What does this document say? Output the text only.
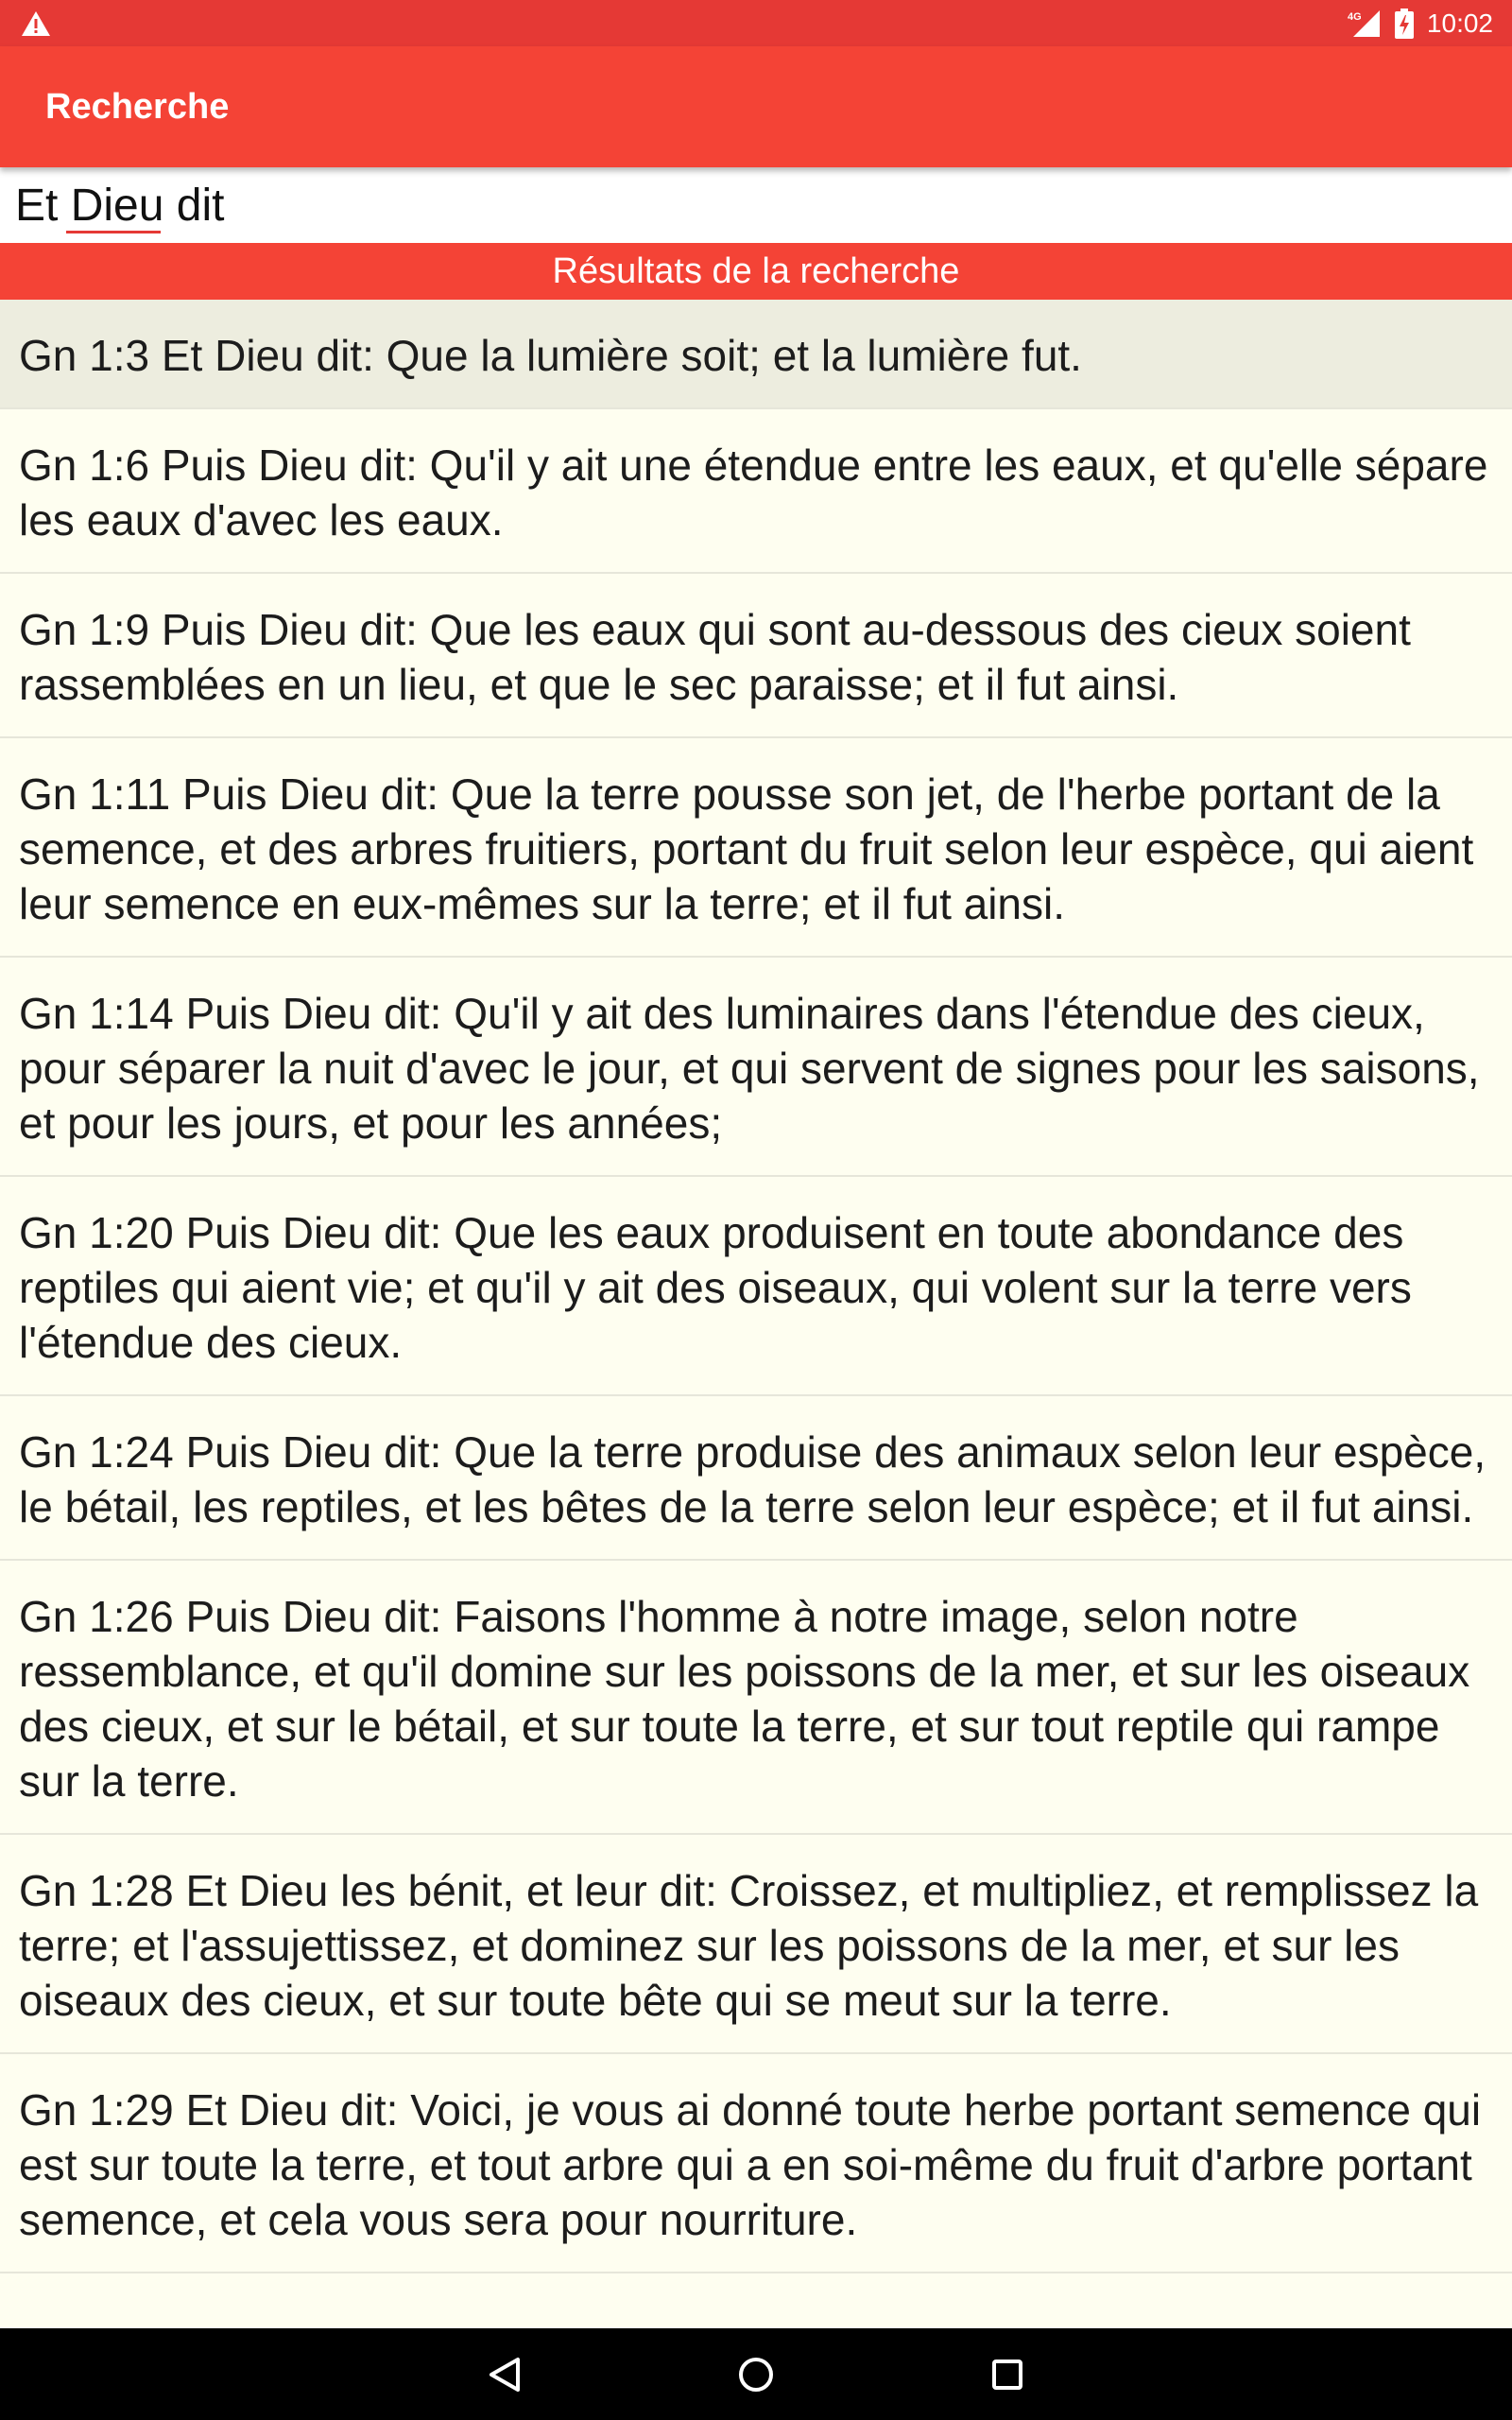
4G 10:02
Recherche
Et Dieu dit
Résultats de la recherche
Gn 1:3 Et Dieu dit: Que la lumière soit; et la lumière fut.
Gn 1:6 Puis Dieu dit: Qu'il y ait une étendue entre les eaux, et qu'elle sépare les eaux d'avec les eaux.
Gn 1:9 Puis Dieu dit: Que les eaux qui sont au-dessous des cieux soient rassemblées en un lieu, et que le sec paraisse; et il fut ainsi.
Gn 1:11 Puis Dieu dit: Que la terre pousse son jet, de l'herbe portant de la semence, et des arbres fruitiers, portant du fruit selon leur espèce, qui aient leur semence en eux-mêmes sur la terre; et il fut ainsi.
Gn 1:14 Puis Dieu dit: Qu'il y ait des luminaires dans l'étendue des cieux, pour séparer la nuit d'avec le jour, et qui servent de signes pour les saisons, et pour les jours, et pour les années;
Gn 1:20 Puis Dieu dit: Que les eaux produisent en toute abondance des reptiles qui aient vie; et qu'il y ait des oiseaux, qui volent sur la terre vers l'étendue des cieux.
Gn 1:24 Puis Dieu dit: Que la terre produise des animaux selon leur espèce, le bétail, les reptiles, et les bêtes de la terre selon leur espèce; et il fut ainsi.
Gn 1:26 Puis Dieu dit: Faisons l'homme à notre image, selon notre ressemblance, et qu'il domine sur les poissons de la mer, et sur les oiseaux des cieux, et sur le bétail, et sur toute la terre, et sur tout reptile qui rampe sur la terre.
Gn 1:28 Et Dieu les bénit, et leur dit: Croissez, et multipliez, et remplissez la terre; et l'assujettissez, et dominez sur les poissons de la mer, et sur les oiseaux des cieux, et sur toute bête qui se meut sur la terre.
Gn 1:29 Et Dieu dit: Voici, je vous ai donné toute herbe portant semence qui est sur toute la terre, et tout arbre qui a en soi-même du fruit d'arbre portant semence, et cela vous sera pour nourriture.
